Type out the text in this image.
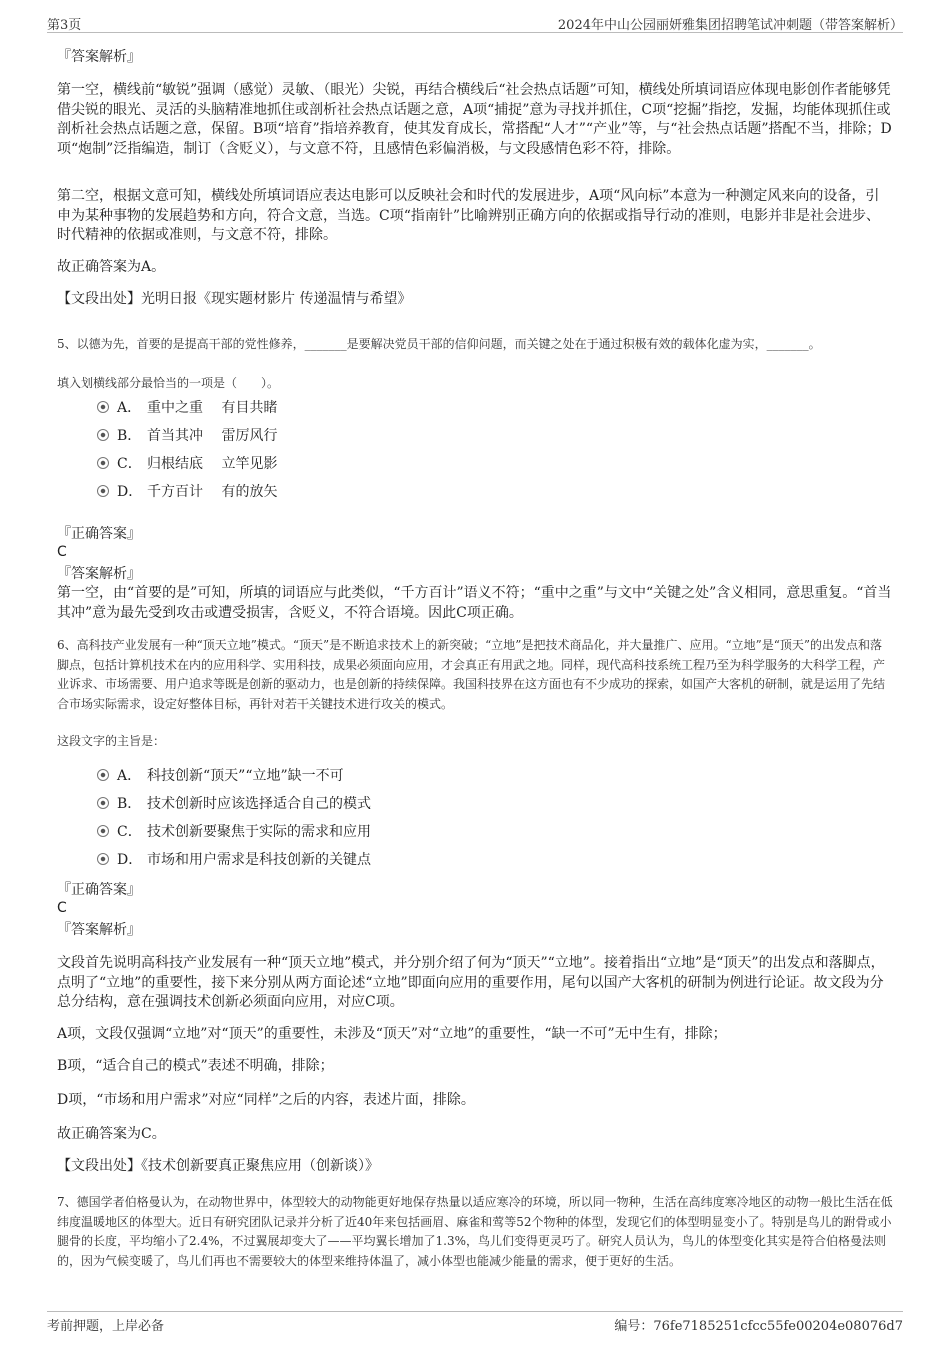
第3页	2024年中山公园丽妍雅集团招聘笔试冲刺题（带答案解析）
『答案解析』
第一空，横线前“敏锐”强调（感觉）灵敏、（眼光）尖锐，再结合横线后“社会热点话题”可知，横线处所填词语应体现电影创作者能够凭借尖锐的眼光、灵活的头脑精准地抓住或剖析社会热点话题之意，A项“捕捉”意为寻找并抓住，C项“挖掘”指挖，发掘，均能体现抓住或剖析社会热点话题之意，保留。B项“培育”指培养教育，使其发育成长，常搭配“人才”“产业”等，与“社会热点话题”搭配不当，排除；D项“炮制”泛指编造，制订（含贬义），与文意不符，且感情色彩偏消极，与文段感情色彩不符，排除。
第二空，根据文意可知，横线处所填词语应表达电影可以反映社会和时代的发展进步，A项“风向标”本意为一种测定风来向的设备，引申为某种事物的发展趋势和方向，符合文意，当选。C项“指南针”比喻辨别正确方向的依据或指导行动的准则，电影并非是社会进步、时代精神的依据或准则，与文意不符，排除。
故正确答案为A。
【文段出处】光明日报《现实题材影片 传递温情与希望》
5、以德为先，首要的是提高干部的党性修养，_______是要解决党员干部的信仰问题，而关键之处在于通过积极有效的载体化虚为实，_______。
填入划横线部分最恰当的一项是（　　）。
A． 重中之重　 有目共睹
B． 首当其冲　 雷厉风行
C． 归根结底　 立竿见影
D． 千方百计　 有的放矢
『正确答案』
C
『答案解析』
第一空，由“首要的是”可知，所填的词语应与此类似，“千方百计”语义不符；“重中之重”与文中“关键之处”含义相同，意思重复。“首当其冲”意为最先受到攻击或遭受损害，含贬义，不符合语境。因此C项正确。
6、高科技产业发展有一种“顶天立地”模式。“顶天”是不断追求技术上的新突破；“立地”是把技术商品化，并大量推广、应用。“立地”是“顶天”的出发点和落脚点，包括计算机技术在内的应用科学、实用科技，成果必须面向应用，才会真正有用武之地。同样，现代高科技系统工程乃至为科学服务的大科学工程，产业诉求、市场需要、用户追求等既是创新的驱动力，也是创新的持续保障。我国科技界在这方面也有不少成功的探索，如国产大客机的研制，就是运用了先结合市场实际需求，设定好整体目标，再针对若干关键技术进行攻关的模式。
这段文字的主旨是：
A． 科技创新“顶天”“立地”缺一不可
B． 技术创新时应该选择适合自己的模式
C． 技术创新要聚焦于实际的需求和应用
D． 市场和用户需求是科技创新的关键点
『正确答案』
C
『答案解析』
文段首先说明高科技产业发展有一种“顶天立地”模式，并分别介绍了何为“顶天”“立地”。接着指出“立地”是“顶天”的出发点和落脚点，点明了“立地”的重要性，接下来分别从两方面论述“立地”即面向应用的重要作用，尾句以国产大客机的研制为例进行论证。故文段为分总分结构，意在强调技术创新必须面向应用，对应C项。
A项，文段仅强调“立地”对“顶天”的重要性，未涉及“顶天”对“立地”的重要性，“缺一不可”无中生有，排除；
B项，“适合自己的模式”表述不明确，排除；
D项，“市场和用户需求”对应“同样”之后的内容，表述片面，排除。
故正确答案为C。
【文段出处】《技术创新要真正聚焦应用（创新谈）》
7、德国学者伯格曼认为，在动物世界中，体型较大的动物能更好地保存热量以适应寒冷的环境，所以同一物种，生活在高纬度寒冷地区的动物一般比生活在低纬度温暖地区的体型大。近日有研究团队记录并分析了近40年来包括画眉、麻雀和莺等52个物种的体型，发现它们的体型明显变小了。特别是鸟儿的跗骨或小腿骨的长度，平均缩小了2.4%，不过翼展却变大了——平均翼长增加了1.3%，鸟儿们变得更灵巧了。研究人员认为，鸟儿的体型变化其实是符合伯格曼法则的，因为气候变暖了，鸟儿们再也不需要较大的体型来维持体温了，减小体型也能减少能量的需求，便于更好的生活。
考前押题，上岸必备	编号：76fe7185251cfcc55fe00204e08076d7
